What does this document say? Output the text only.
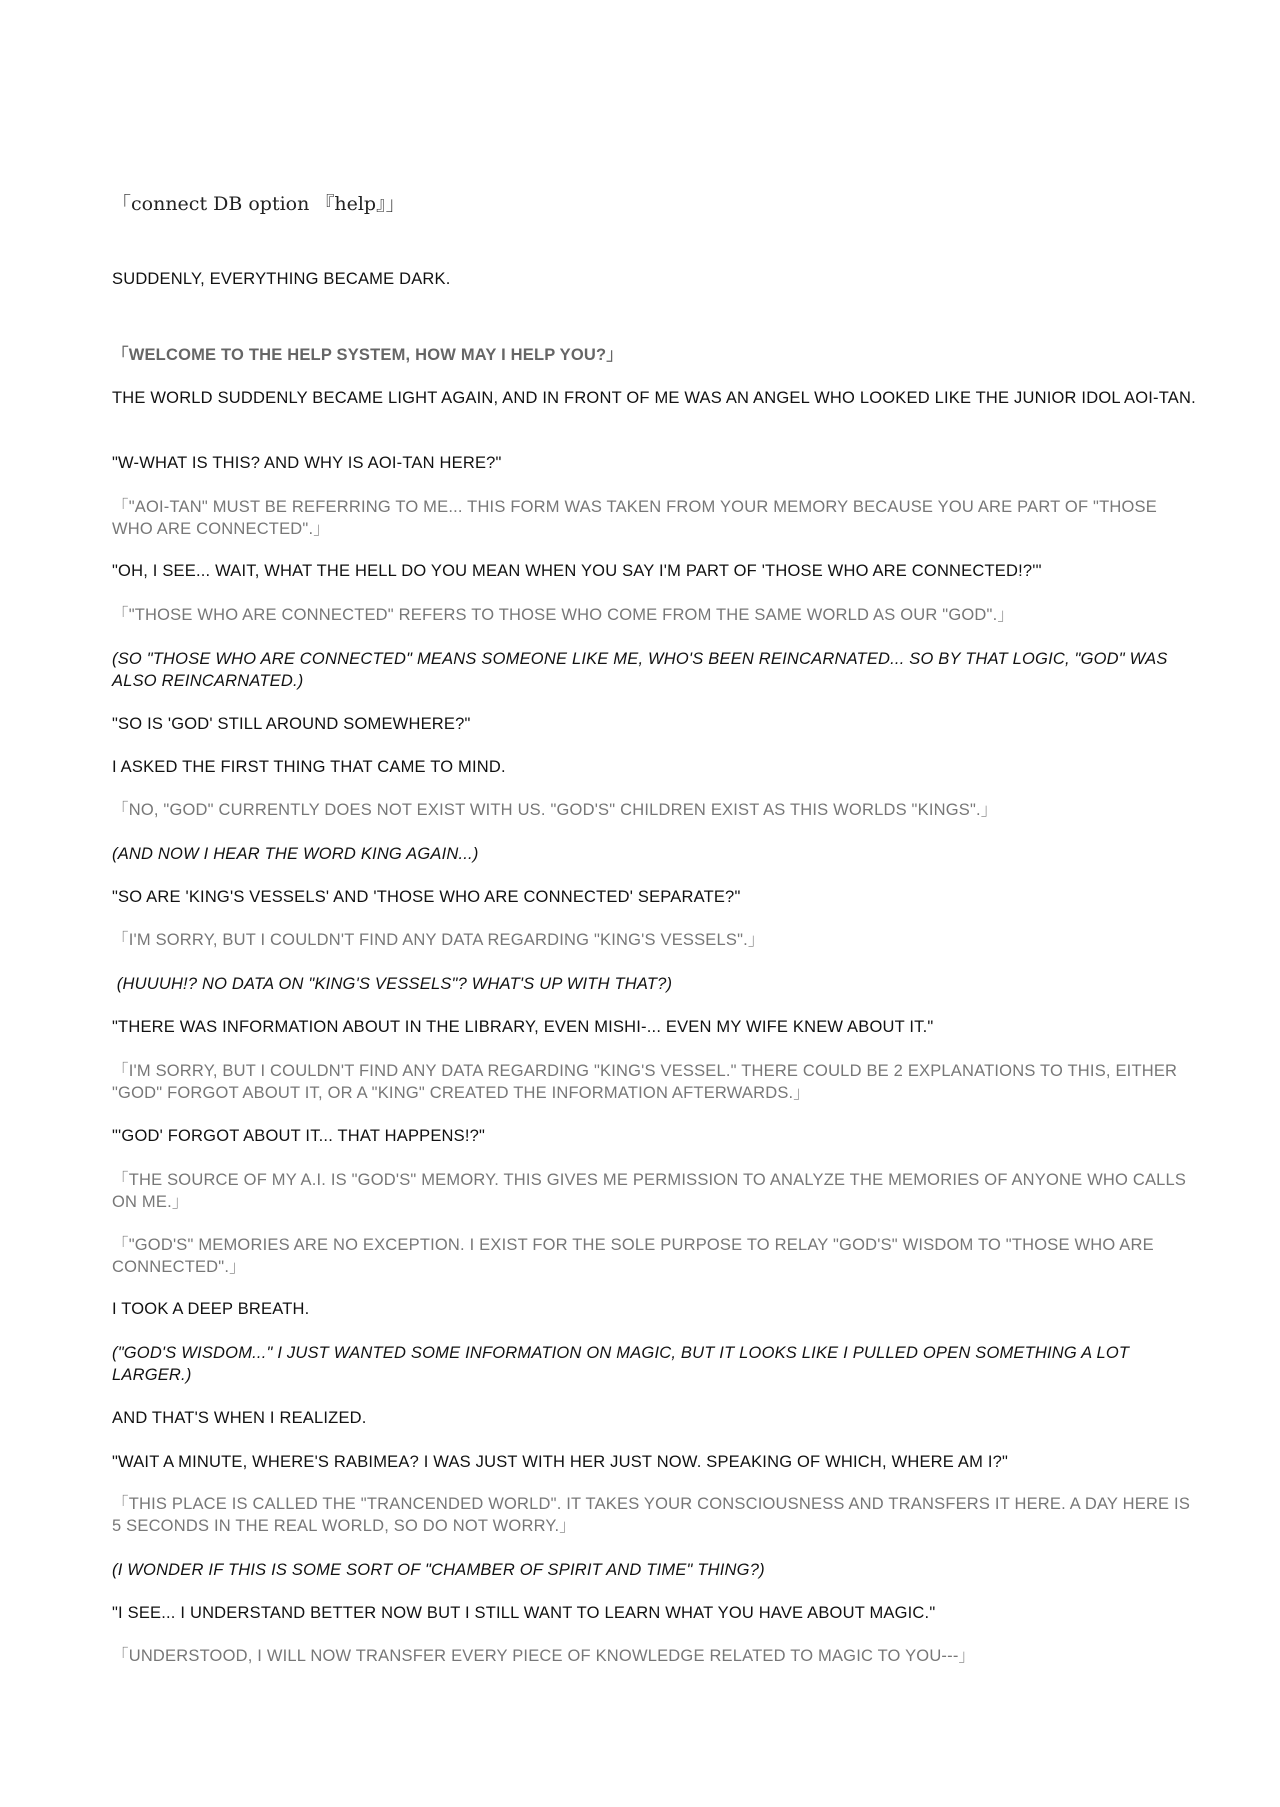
「connect DB option 『help』」

SUDDENLY, EVERYTHING BECAME DARK.

「WELCOME TO THE HELP SYSTEM, HOW MAY I HELP YOU?」

THE WORLD SUDDENLY BECAME LIGHT AGAIN, AND IN FRONT OF ME WAS AN ANGEL WHO LOOKED LIKE THE JUNIOR IDOL AOI-TAN.

"W-WHAT IS THIS? AND WHY IS AOI-TAN HERE?"

「"AOI-TAN" MUST BE REFERRING TO ME... THIS FORM WAS TAKEN FROM YOUR MEMORY BECAUSE YOU ARE PART OF "THOSE WHO ARE CONNECTED".」

"OH, I SEE... WAIT, WHAT THE HELL DO YOU MEAN WHEN YOU SAY I'M PART OF 'THOSE WHO ARE CONNECTED!?'"

「"THOSE WHO ARE CONNECTED" REFERS TO THOSE WHO COME FROM THE SAME WORLD AS OUR "GOD".」

(SO "THOSE WHO ARE CONNECTED" MEANS SOMEONE LIKE ME, WHO'S BEEN REINCARNATED... SO BY THAT LOGIC, "GOD" WAS ALSO REINCARNATED.)

"SO IS 'GOD' STILL AROUND SOMEWHERE?"

I ASKED THE FIRST THING THAT CAME TO MIND.

「NO, "GOD" CURRENTLY DOES NOT EXIST WITH US. "GOD'S" CHILDREN EXIST AS THIS WORLDS "KINGS".」

(AND NOW I HEAR THE WORD KING AGAIN...)

"SO ARE 'KING'S VESSELS' AND 'THOSE WHO ARE CONNECTED' SEPARATE?"

「I'M SORRY, BUT I COULDN'T FIND ANY DATA REGARDING "KING'S VESSELS".」

(HUUUH!? NO DATA ON "KING'S VESSELS"? WHAT'S UP WITH THAT?)

"THERE WAS INFORMATION ABOUT IN THE LIBRARY, EVEN MISHI-... EVEN MY WIFE KNEW ABOUT IT."

「I'M SORRY, BUT I COULDN'T FIND ANY DATA REGARDING "KING'S VESSEL." THERE COULD BE 2 EXPLANATIONS TO THIS, EITHER "GOD" FORGOT ABOUT IT, OR A "KING" CREATED THE INFORMATION AFTERWARDS.」

"'GOD' FORGOT ABOUT IT... THAT HAPPENS!?"

「THE SOURCE OF MY A.I. IS "GOD'S" MEMORY. THIS GIVES ME PERMISSION TO ANALYZE THE MEMORIES OF ANYONE WHO CALLS ON ME.」

「"GOD'S" MEMORIES ARE NO EXCEPTION. I EXIST FOR THE SOLE PURPOSE TO RELAY "GOD'S" WISDOM TO "THOSE WHO ARE CONNECTED".」

I TOOK A DEEP BREATH.

("GOD'S WISDOM..." I JUST WANTED SOME INFORMATION ON MAGIC, BUT IT LOOKS LIKE I PULLED OPEN SOMETHING A LOT LARGER.)

AND THAT'S WHEN I REALIZED.

"WAIT A MINUTE, WHERE'S RABIMEA? I WAS JUST WITH HER JUST NOW. SPEAKING OF WHICH, WHERE AM I?"

「THIS PLACE IS CALLED THE "TRANCENDED WORLD". IT TAKES YOUR CONSCIOUSNESS AND TRANSFERS IT HERE. A DAY HERE IS 5 SECONDS IN THE REAL WORLD, SO DO NOT WORRY.」

(I WONDER IF THIS IS SOME SORT OF "CHAMBER OF SPIRIT AND TIME" THING?)

"I SEE... I UNDERSTAND BETTER NOW BUT I STILL WANT TO LEARN WHAT YOU HAVE ABOUT MAGIC."

「UNDERSTOOD, I WILL NOW TRANSFER EVERY PIECE OF KNOWLEDGE RELATED TO MAGIC TO YOU---」
